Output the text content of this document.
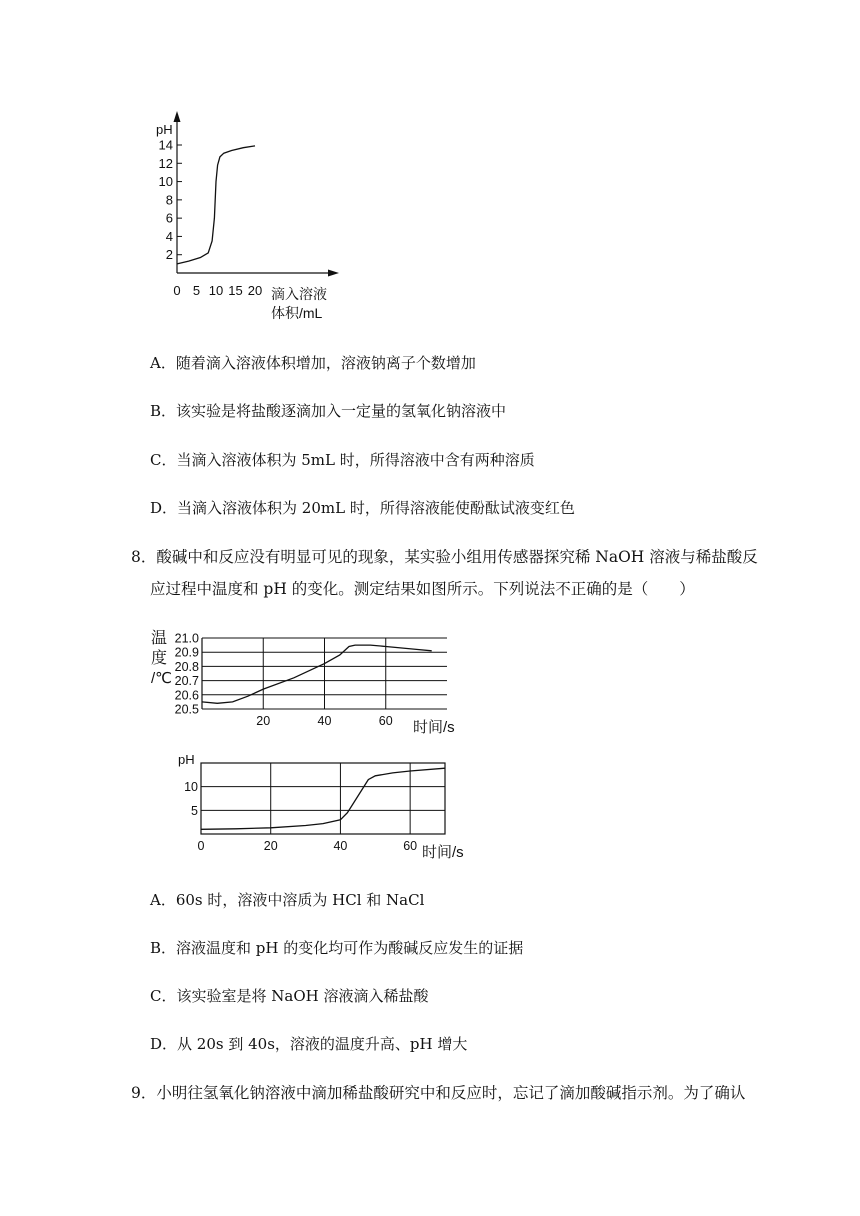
2
4
6
8
10
12
14
0 5 10 15 20
pH
滴入溶液
体积/mL
A．随着滴入溶液体积增加，溶液钠离子个数增加
B．该实验是将盐酸逐滴加入一定量的氢氧化钠溶液中
C．当滴入溶液体积为 5mL 时，所得溶液中含有两种溶质
D．当滴入溶液体积为 20mL 时，所得溶液能使酚酞试液变红色
8．酸碱中和反应没有明显可见的现象，某实验小组用传感器探究稀 NaOH 溶液与稀盐酸反
应过程中温度和 pH 的变化。测定结果如图所示。下列说法不正确的是（　　）
20.5
20.6
20.7
20.8
20.9
21.0
20	40	60
温
度
/℃
时间/s
5
10
0	20	40	60
pH
时间/s
A．60s 时，溶液中溶质为 HCl 和 NaCl
B．溶液温度和 pH 的变化均可作为酸碱反应发生的证据
C．该实验室是将 NaOH 溶液滴入稀盐酸
D．从 20s 到 40s，溶液的温度升高、pH 增大
9．小明往氢氧化钠溶液中滴加稀盐酸研究中和反应时，忘记了滴加酸碱指示剂。为了确认
